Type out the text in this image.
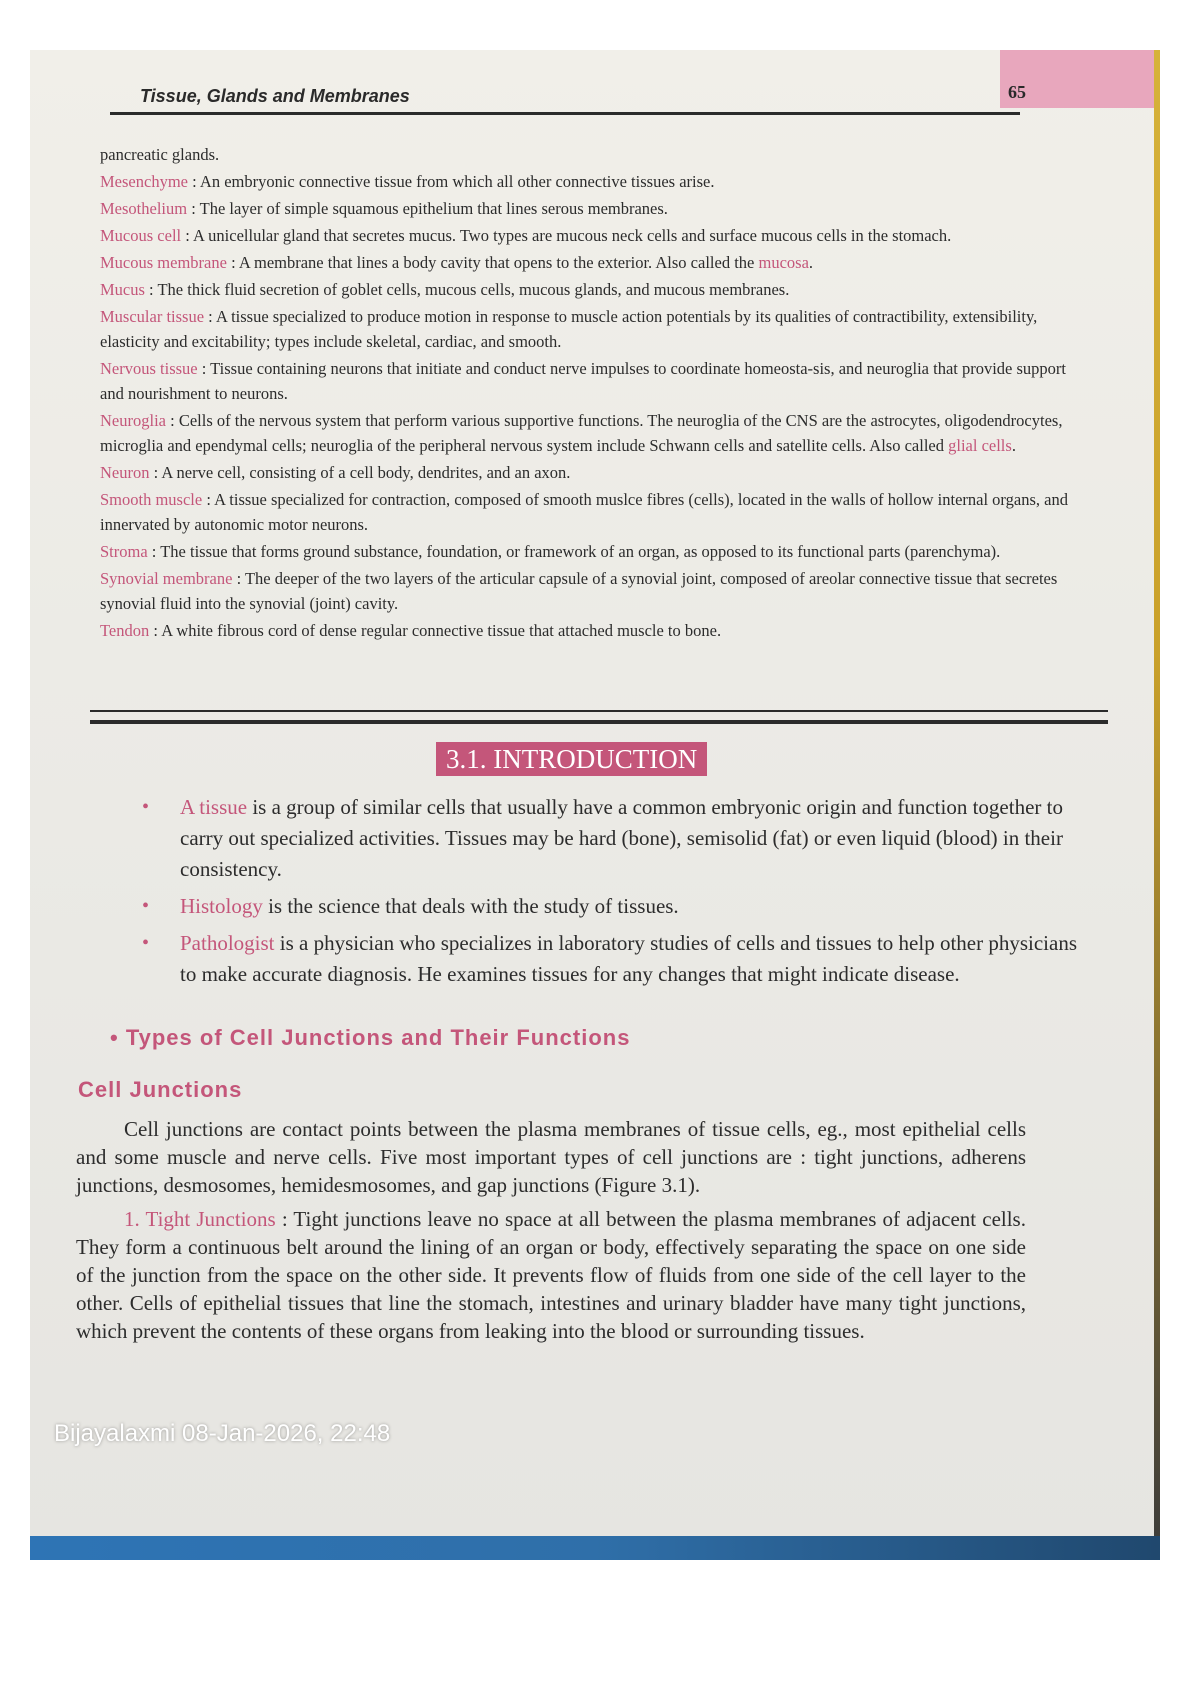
Tissue, Glands and Membranes	65

pancreatic glands.

Mesenchyme : An embryonic connective tissue from which all other connective tissues arise.

Mesothelium : The layer of simple squamous epithelium that lines serous membranes.

Mucous cell : A unicellular gland that secretes mucus. Two types are mucous neck cells and surface mucous cells in the stomach.

Mucous membrane : A membrane that lines a body cavity that opens to the exterior. Also called the mucosa.

Mucus : The thick fluid secretion of goblet cells, mucous cells, mucous glands, and mucous membranes.

Muscular tissue : A tissue specialized to produce motion in response to muscle action potentials by its qualities of contractibility, extensibility, elasticity and excitability; types include skeletal, cardiac, and smooth.

Nervous tissue : Tissue containing neurons that initiate and conduct nerve impulses to coordinate homeosta-sis, and neuroglia that provide support and nourishment to neurons.

Neuroglia : Cells of the nervous system that perform various supportive functions. The neuroglia of the CNS are the astrocytes, oligodendrocytes, microglia and ependymal cells; neuroglia of the peripheral nervous system include Schwann cells and satellite cells. Also called glial cells.

Neuron : A nerve cell, consisting of a cell body, dendrites, and an axon.

Smooth muscle : A tissue specialized for contraction, composed of smooth muslce fibres (cells), located in the walls of hollow internal organs, and innervated by autonomic motor neurons.

Stroma : The tissue that forms ground substance, foundation, or framework of an organ, as opposed to its functional parts (parenchyma).

Synovial membrane : The deeper of the two layers of the articular capsule of a synovial joint, composed of areolar connective tissue that secretes synovial fluid into the synovial (joint) cavity.

Tendon : A white fibrous cord of dense regular connective tissue that attached muscle to bone.

3.1. INTRODUCTION
• A tissue is a group of similar cells that usually have a common embryonic origin and function together to carry out specialized activities. Tissues may be hard (bone), semisolid (fat) or even liquid (blood) in their consistency.
• Histology is the science that deals with the study of tissues.
• Pathologist is a physician who specializes in laboratory studies of cells and tissues to help other physicians to make accurate diagnosis. He examines tissues for any changes that might indicate disease.
• Types of Cell Junctions and Their Functions
Cell Junctions

Cell junctions are contact points between the plasma membranes of tissue cells, eg., most epithelial cells and some muscle and nerve cells. Five most important types of cell junctions are : tight junctions, adherens junctions, desmosomes, hemidesmosomes, and gap junctions (Figure 3.1).

1. Tight Junctions : Tight junctions leave no space at all between the plasma membranes of adjacent cells. They form a continuous belt around the lining of an organ or body, effectively separating the space on one side of the junction from the space on the other side. It prevents flow of fluids from one side of the cell layer to the other. Cells of epithelial tissues that line the stomach, intestines and urinary bladder have many tight junctions, which prevent the contents of these organs from leaking into the blood or surrounding tissues.

Bijayalaxmi 08-Jan-2026, 22:48
